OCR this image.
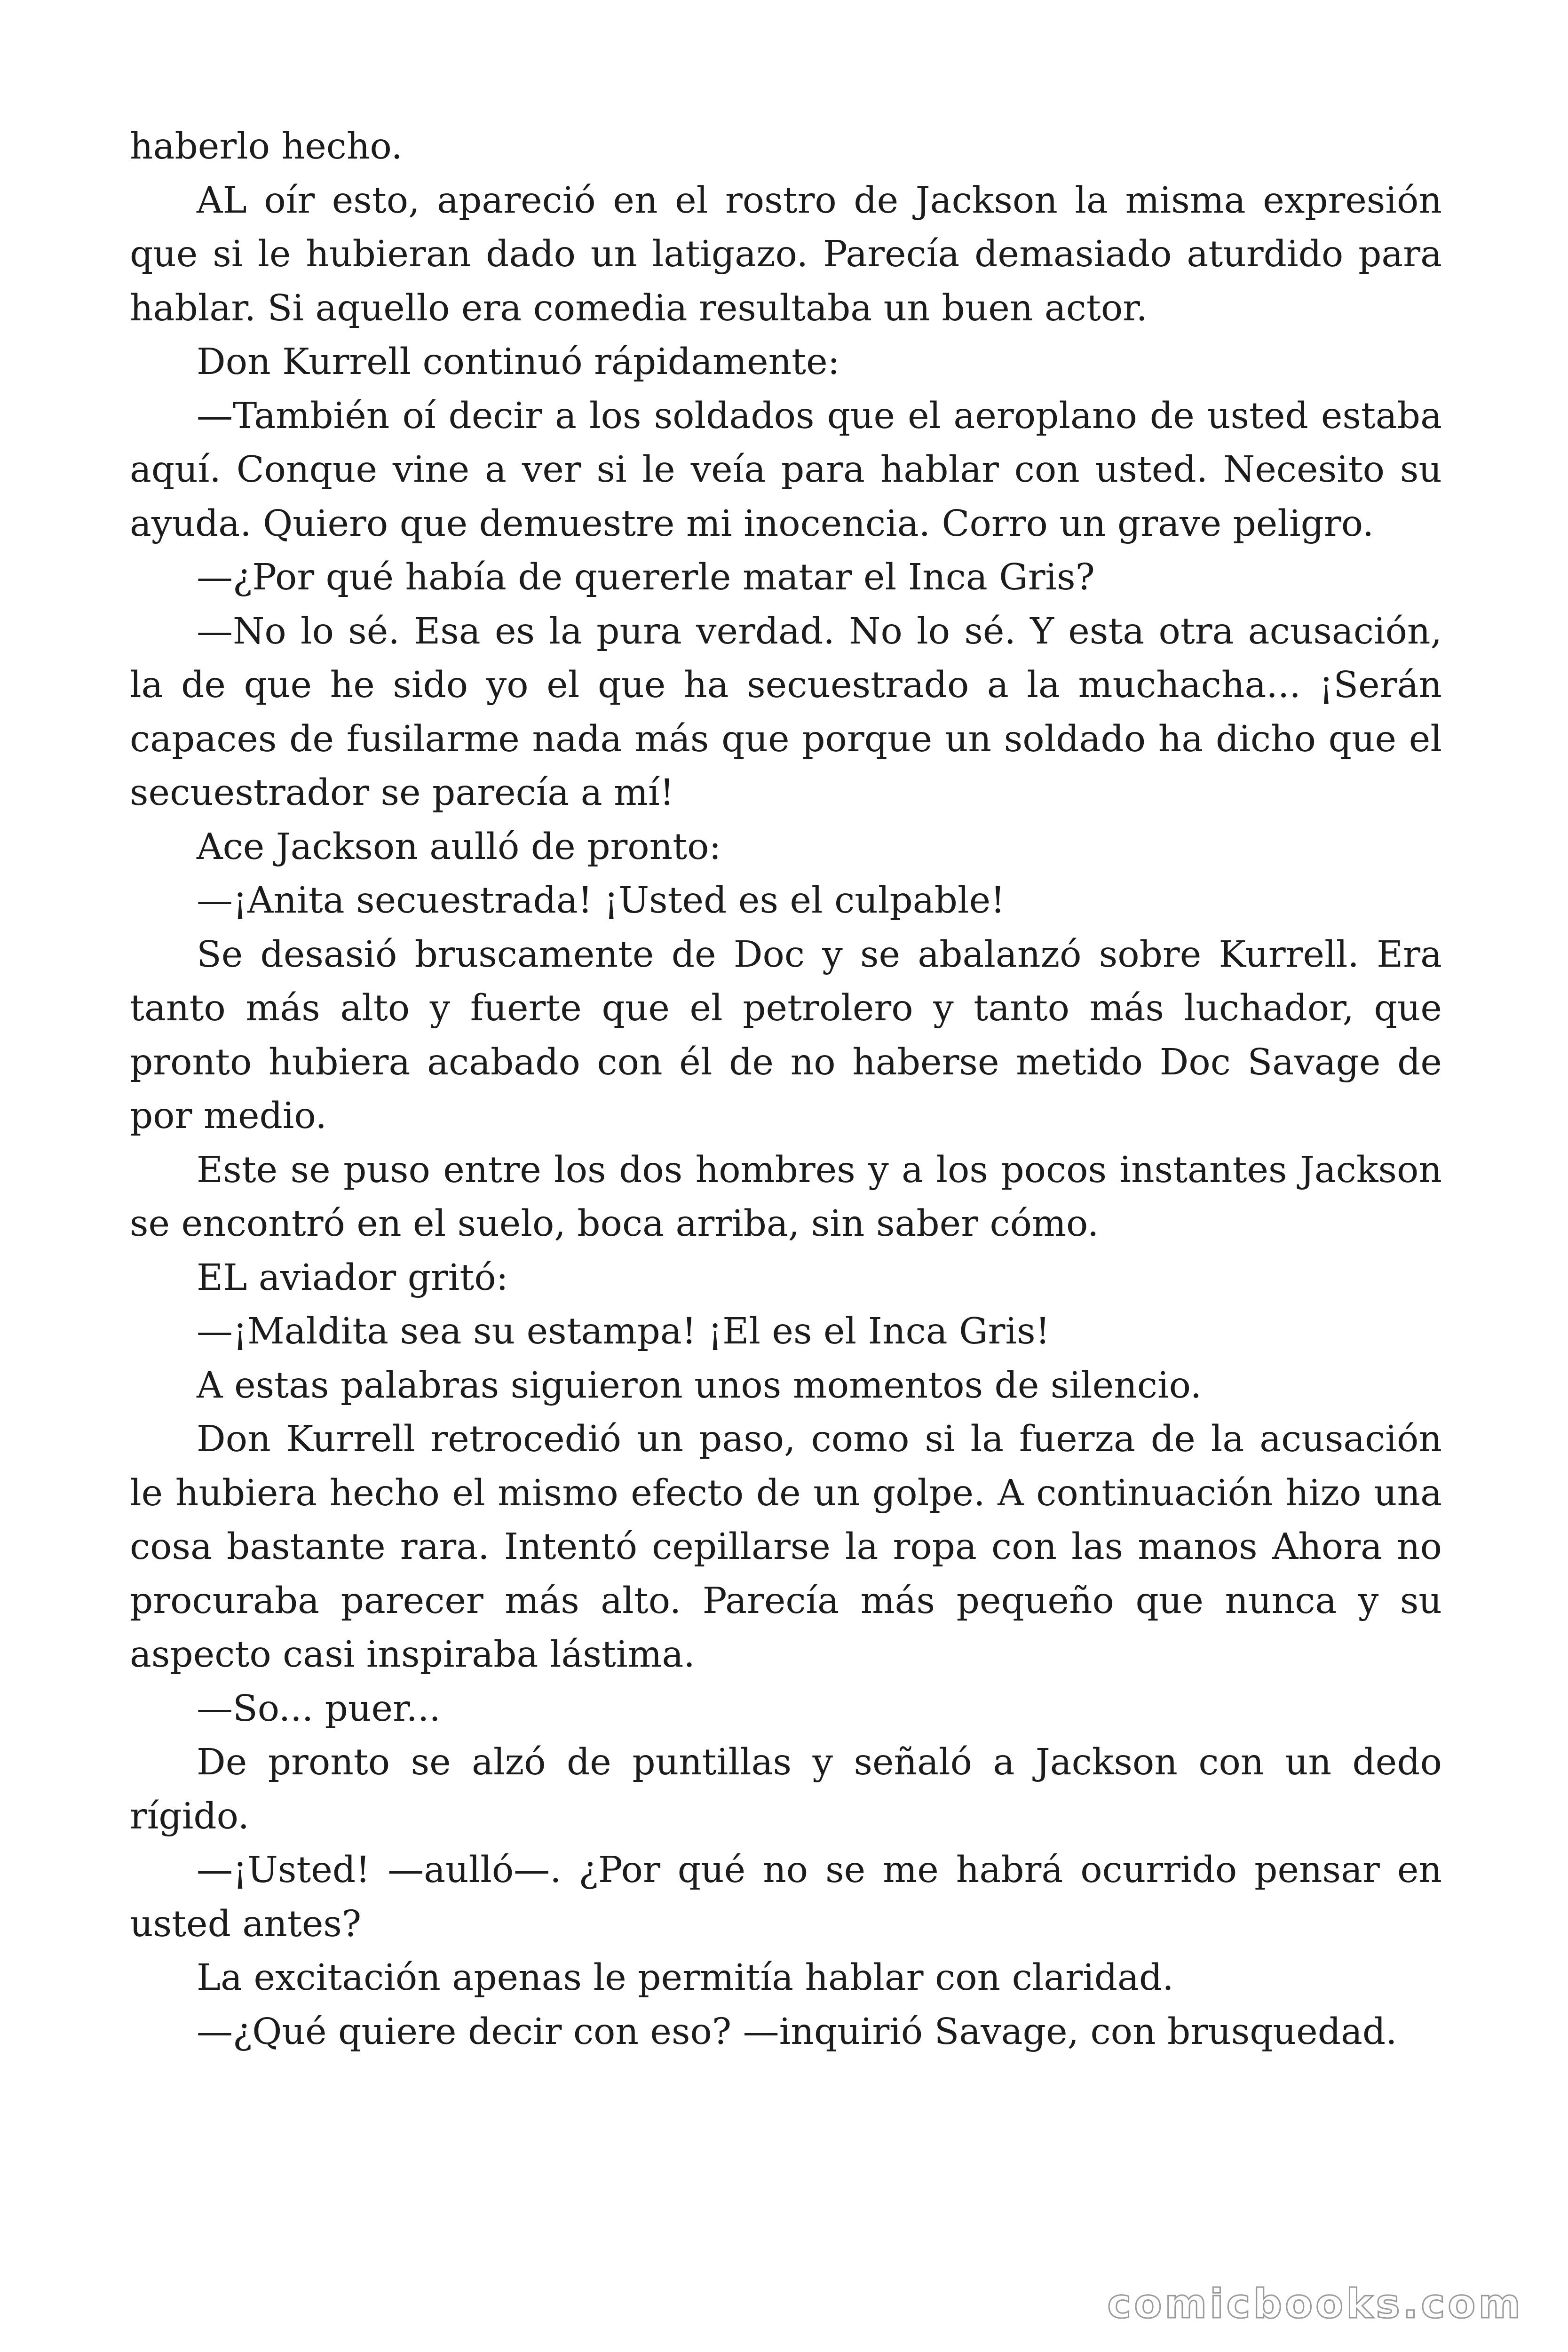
haberlo hecho.

AL oír esto, apareció en el rostro de Jackson la misma expresión que si le hubieran dado un latigazo. Parecía demasiado aturdido para hablar. Si aquello era comedia resultaba un buen actor.

Don Kurrell continuó rápidamente:

—También oí decir a los soldados que el aeroplano de usted estaba aquí. Conque vine a ver si le veía para hablar con usted. Necesito su ayuda. Quiero que demuestre mi inocencia. Corro un grave peligro.

—¿Por qué había de quererle matar el Inca Gris?

—No lo sé. Esa es la pura verdad. No lo sé. Y esta otra acusación, la de que he sido yo el que ha secuestrado a la muchacha... ¡Serán capaces de fusilarme nada más que porque un soldado ha dicho que el secuestrador se parecía a mí!

Ace Jackson aulló de pronto:

—¡Anita secuestrada! ¡Usted es el culpable!

Se desasió bruscamente de Doc y se abalanzó sobre Kurrell. Era tanto más alto y fuerte que el petrolero y tanto más luchador, que pronto hubiera acabado con él de no haberse metido Doc Savage de por medio.

Este se puso entre los dos hombres y a los pocos instantes Jackson se encontró en el suelo, boca arriba, sin saber cómo.

EL aviador gritó:

—¡Maldita sea su estampa! ¡El es el Inca Gris!

A estas palabras siguieron unos momentos de silencio.

Don Kurrell retrocedió un paso, como si la fuerza de la acusación le hubiera hecho el mismo efecto de un golpe. A continuación hizo una cosa bastante rara. Intentó cepillarse la ropa con las manos Ahora no procuraba parecer más alto. Parecía más pequeño que nunca y su aspecto casi inspiraba lástima.

—So... puer...

De pronto se alzó de puntillas y señaló a Jackson con un dedo rígido.

—¡Usted! —aulló—. ¿Por qué no se me habrá ocurrido pensar en usted antes?

La excitación apenas le permitía hablar con claridad.

—¿Qué quiere decir con eso? —inquirió Savage, con brusquedad.

comicbooks.com
